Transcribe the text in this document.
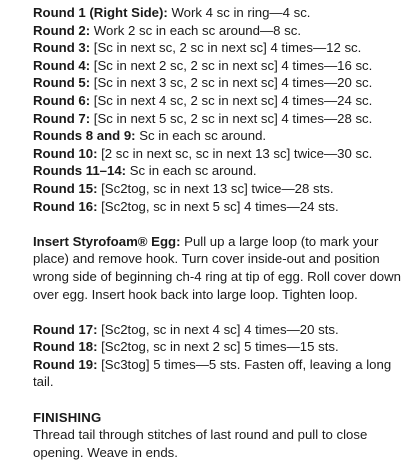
Round 1 (Right Side): Work 4 sc in ring—4 sc.
Round 2: Work 2 sc in each sc around—8 sc.
Round 3: [Sc in next sc, 2 sc in next sc] 4 times—12 sc.
Round 4: [Sc in next 2 sc, 2 sc in next sc] 4 times—16 sc.
Round 5: [Sc in next 3 sc, 2 sc in next sc] 4 times—20 sc.
Round 6: [Sc in next 4 sc, 2 sc in next sc] 4 times—24 sc.
Round 7: [Sc in next 5 sc, 2 sc in next sc] 4 times—28 sc.
Rounds 8 and 9: Sc in each sc around.
Round 10: [2 sc in next sc, sc in next 13 sc] twice—30 sc.
Rounds 11–14: Sc in each sc around.
Round 15: [Sc2tog, sc in next 13 sc] twice—28 sts.
Round 16: [Sc2tog, sc in next 5 sc] 4 times—24 sts.

Insert Styrofoam® Egg: Pull up a large loop (to mark your place) and remove hook. Turn cover inside-out and position wrong side of beginning ch-4 ring at tip of egg. Roll cover down over egg. Insert hook back into large loop. Tighten loop.

Round 17: [Sc2tog, sc in next 4 sc] 4 times—20 sts.
Round 18: [Sc2tog, sc in next 2 sc] 5 times—15 sts.

Round 19: [Sc3tog] 5 times—5 sts. Fasten off, leaving a long tail.

FINISHING

Thread tail through stitches of last round and pull to close opening. Weave in ends.
